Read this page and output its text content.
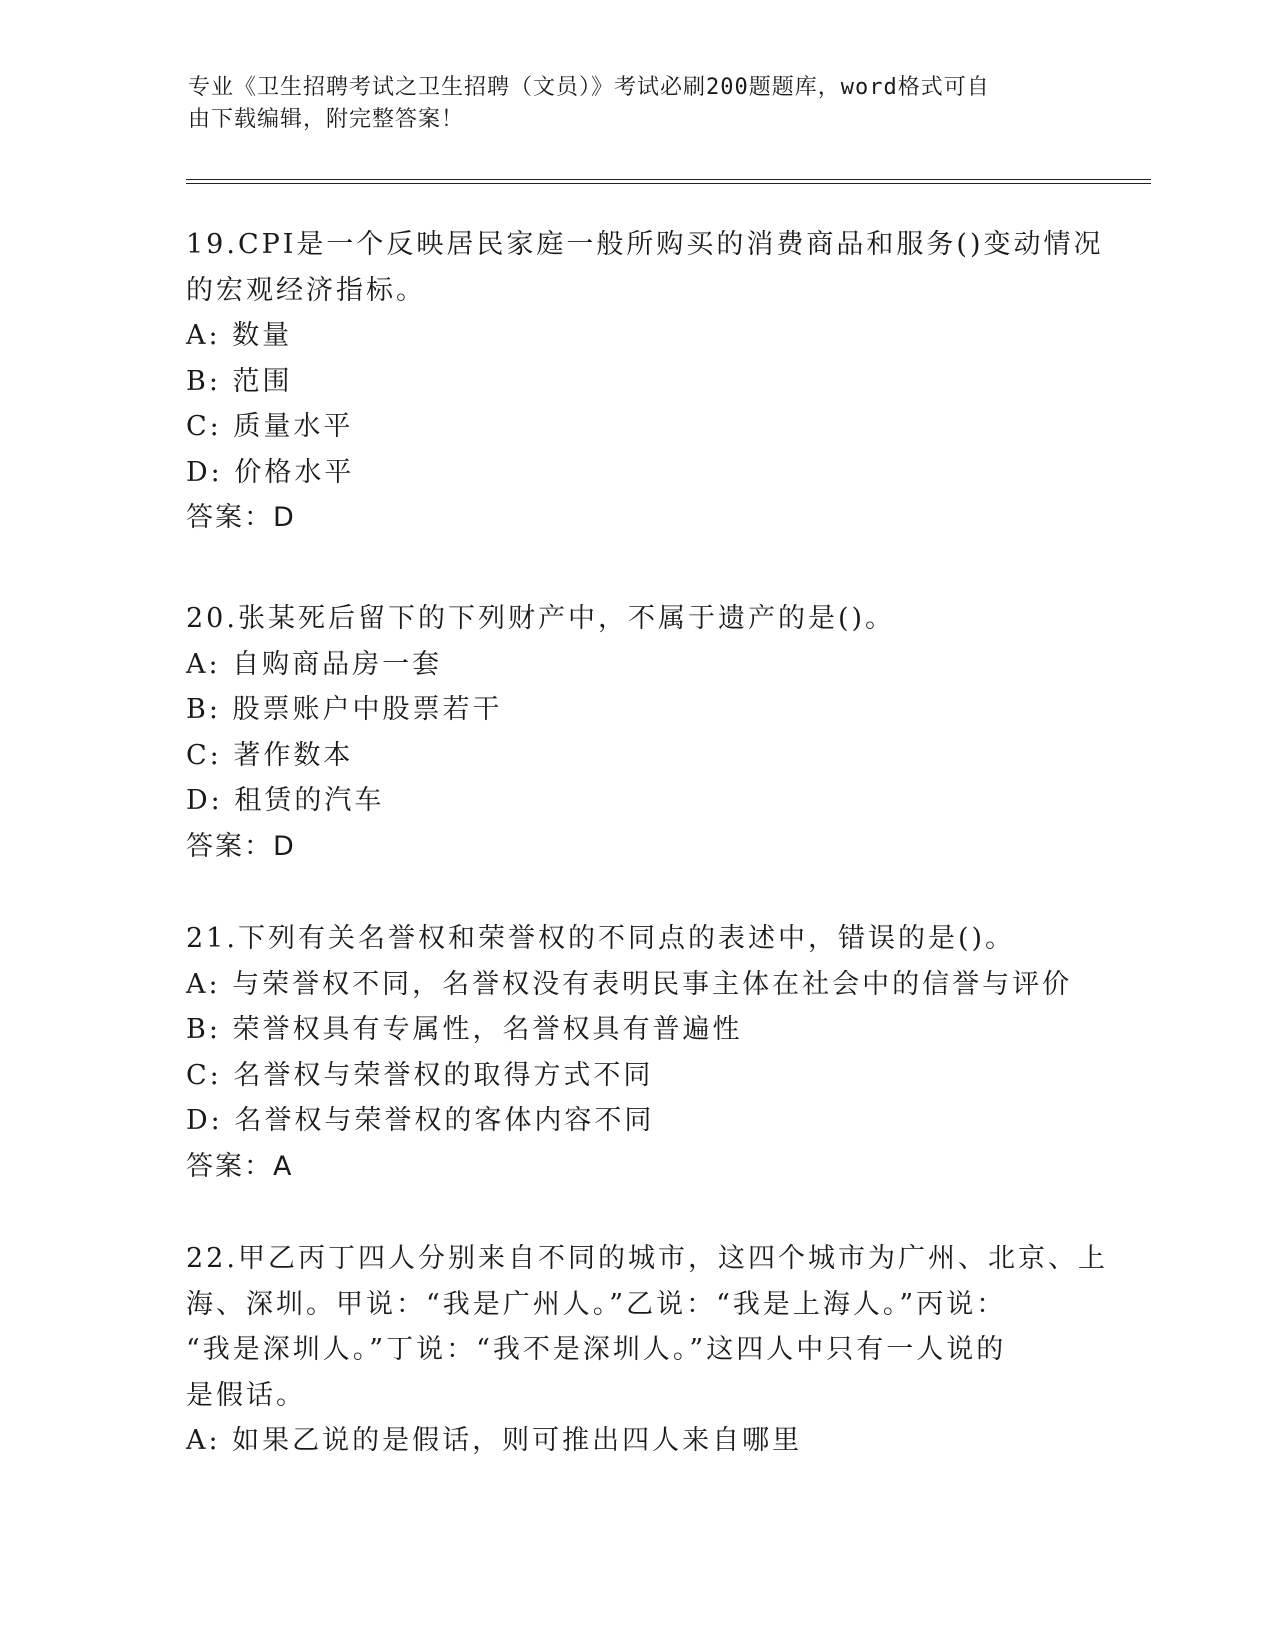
专业《卫生招聘考试之卫生招聘（文员）》考试必刷200题题库，word格式可自
由下载编辑，附完整答案！
19.CPI是一个反映居民家庭一般所购买的消费商品和服务()变动情况
的宏观经济指标。
A: 数量
B: 范围
C: 质量水平
D: 价格水平
答案：D
20.张某死后留下的下列财产中，不属于遗产的是()。
A: 自购商品房一套
B: 股票账户中股票若干
C: 著作数本
D: 租赁的汽车
答案：D
21.下列有关名誉权和荣誉权的不同点的表述中，错误的是()。
A: 与荣誉权不同，名誉权没有表明民事主体在社会中的信誉与评价
B: 荣誉权具有专属性，名誉权具有普遍性
C: 名誉权与荣誉权的取得方式不同
D: 名誉权与荣誉权的客体内容不同
答案：A
22.甲乙丙丁四人分别来自不同的城市，这四个城市为广州、北京、上
海、深圳。甲说：“我是广州人。”乙说：“我是上海人。”丙说：
“我是深圳人。”丁说：“我不是深圳人。”这四人中只有一人说的
是假话。
A: 如果乙说的是假话，则可推出四人来自哪里
